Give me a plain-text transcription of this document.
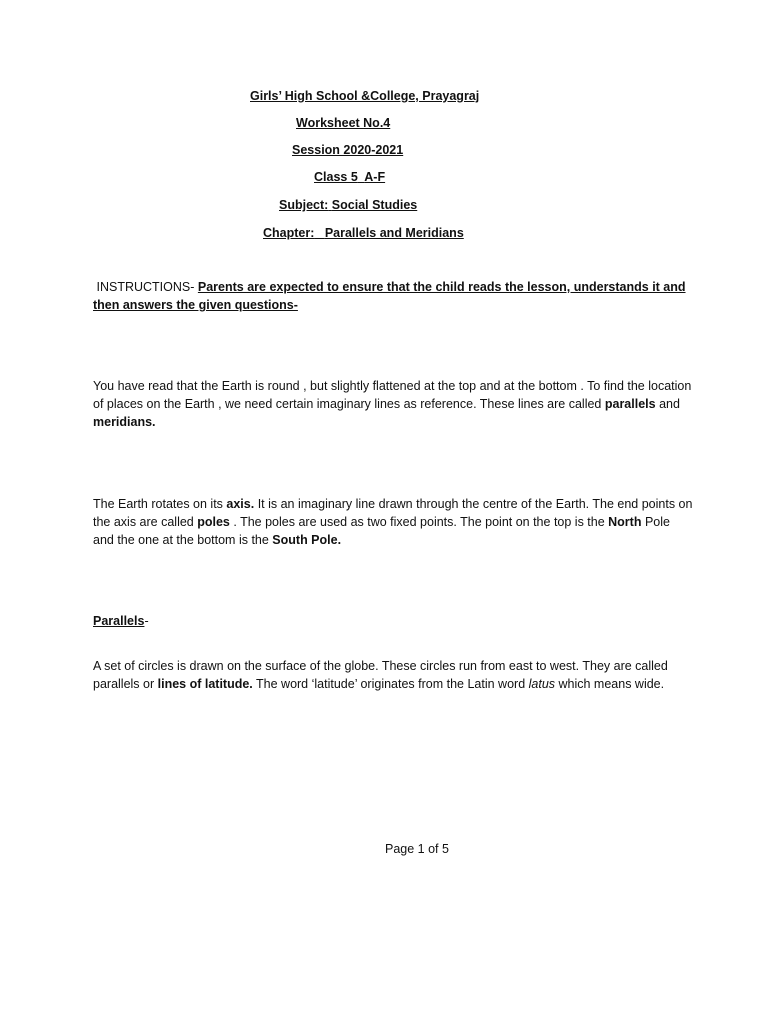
Girls’ High School &College, Prayagraj
Worksheet No.4
Session 2020-2021
Class 5 A-F
Subject: Social Studies
Chapter: Parallels and Meridians
INSTRUCTIONS- Parents are expected to ensure that the child reads the lesson, understands it and then answers the given questions-
You have read that the Earth is round , but slightly flattened at the top and at the bottom . To find the location of places on the Earth , we need certain imaginary lines as reference. These lines are called parallels and meridians.
The Earth rotates on its axis. It is an imaginary line drawn through the centre of the Earth. The end points on the axis are called poles . The poles are used as two fixed points. The point on the top is the North Pole and the one at the bottom is the South Pole.
Parallels-
A set of circles is drawn on the surface of the globe. These circles run from east to west. They are called parallels or lines of latitude. The word ‘latitude’ originates from the Latin word latus which means wide.
Page 1 of 5
